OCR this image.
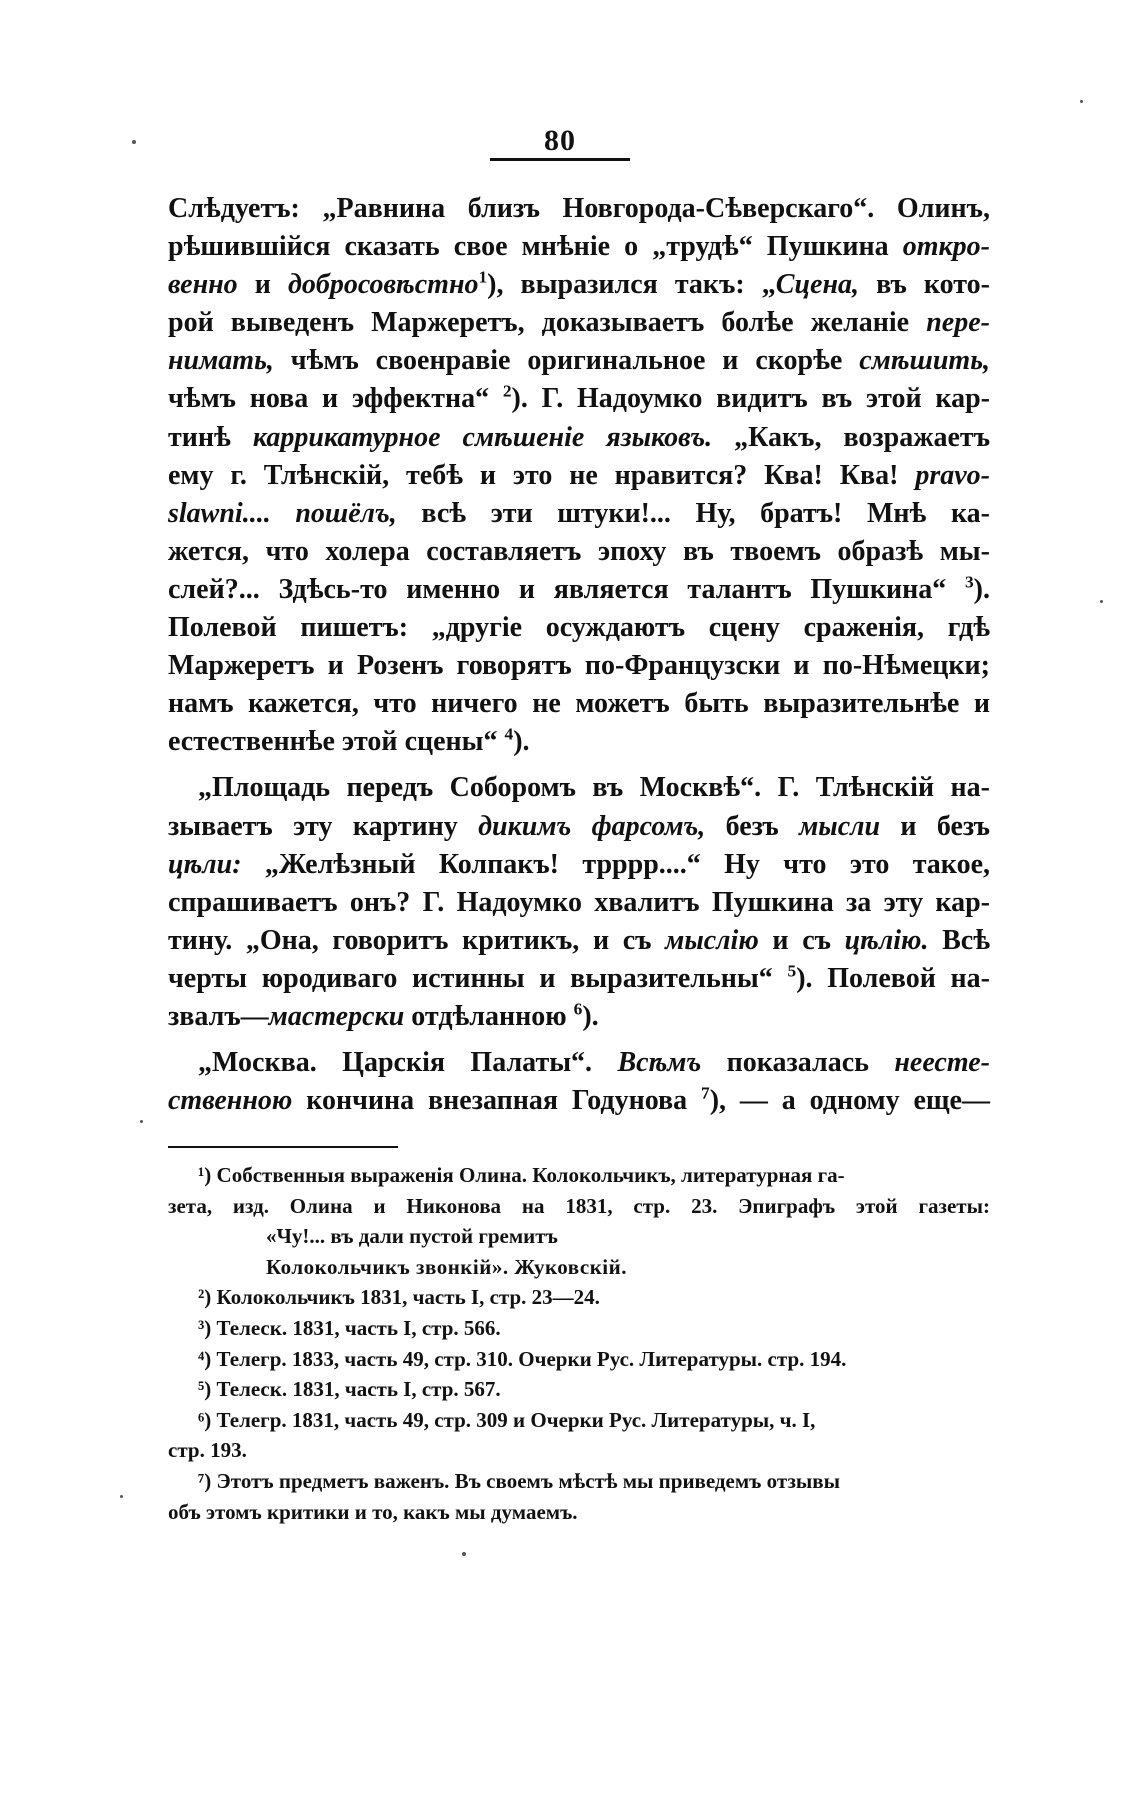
80
Слѣдуетъ: „Равнина близъ Новгорода-Сѣверскаго“. Олинъ,
рѣшившійся сказать свое мнѣніе о „трудѣ“ Пушкина откро-
венно и добросовѣстно$^1$), выразился такъ: „Сцена, въ кото-
рой выведенъ Маржеретъ, доказываетъ болѣе желаніе пере-
нимать, чѣмъ своенравіе оригинальное и скорѣе смѣшить,
чѣмъ нова и эффектна“ $^2$). Г. Надоумко видитъ въ этой кар-
тинѣ каррикатурное смѣшеніе языковъ. „Какъ, возражаетъ
ему г. Тлѣнскій, тебѣ и это не нравится? Ква! Ква! pravo-
slawni.... пошёлъ, всѣ эти штуки!... Ну, братъ! Мнѣ ка-
жется, что холера составляетъ эпоху въ твоемъ образѣ мы-
слей?... Здѣсь-то именно и является талантъ Пушкина“ $^3$).
Полевой пишетъ: „другіе осуждаютъ сцену сраженія, гдѣ
Маржеретъ и Розенъ говорятъ по-Французски и по-Нѣмецки;
намъ кажется, что ничего не можетъ быть выразительнѣе и
естественнѣе этой сцены“ $^4$).
„Площадь передъ Соборомъ въ Москвѣ“. Г. Тлѣнскій на-
зываетъ эту картину дикимъ фарсомъ, безъ мысли и безъ
цѣли: „Желѣзный Колпакъ! трррр....“ Ну что это такое,
спрашиваетъ онъ? Г. Надоумко хвалитъ Пушкина за эту кар-
тину. „Она, говоритъ критикъ, и съ мыслію и съ цѣлію. Всѣ
черты юродиваго истинны и выразительны“ $^5$). Полевой на-
звалъ—мастерски отдѣланною $^6$).
„Москва. Царскія Палаты“. Всѣмъ показалась неесте-
ственною кончина внезапная Годунова $^7$), — а одному еще—
¹) Собственныя выраженія Олина. Колокольчикъ, литературная га-
зета, изд. Олина и Никонова на 1831, стр. 23. Эпиграфъ этой газеты:
«Чу!... въ дали пустой гремитъ
Колокольчикъ звонкій». Жуковскій.
²) Колокольчикъ 1831, часть I, стр. 23—24.
³) Телеск. 1831, часть I, стр. 566.
⁴) Телегр. 1833, часть 49, стр. 310. Очерки Рус. Литературы. стр. 194.
⁵) Телеск. 1831, часть I, стр. 567.
⁶) Телегр. 1831, часть 49, стр. 309 и Очерки Рус. Литературы, ч. I,
стр. 193.
⁷) Этотъ предметъ важенъ. Въ своемъ мѣстѣ мы приведемъ отзывы
объ этомъ критики и то, какъ мы думаемъ.
